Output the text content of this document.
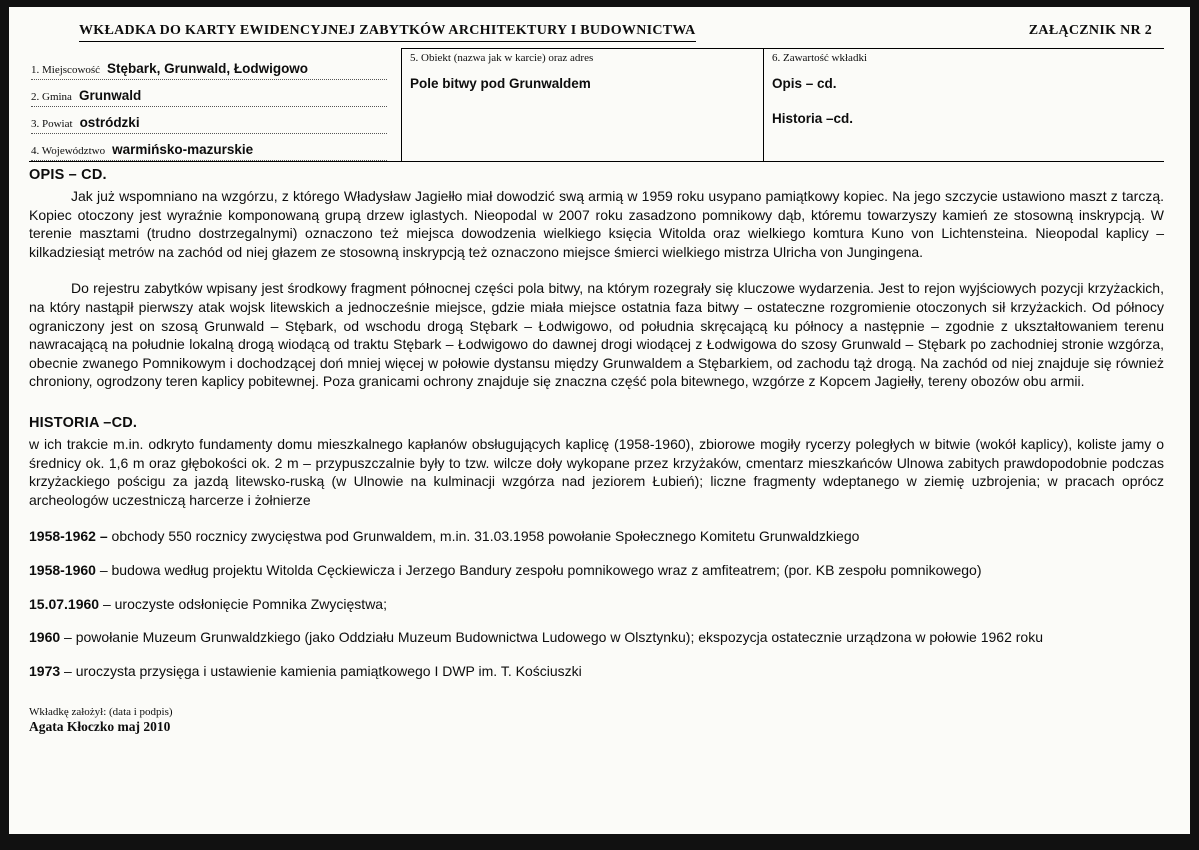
WKŁADKA DO KARTY EWIDENCYJNEJ ZABYTKÓW ARCHITEKTURY I BUDOWNICTWA	ZAŁĄCZNIK NR 2
1. Miejscowość Stębark, Grunwald, Łodwigowo
2. Gmina Grunwald
3. Powiat ostródzki
4. Województwo warmińsko-mazurskie
5. Obiekt (nazwa jak w karcie) oraz adres
Pole bitwy pod Grunwaldem
6. Zawartość wkładki
Opis – cd.
Historia –cd.
OPIS – CD.

Jak już wspomniano na wzgórzu, z którego Władysław Jagiełło miał dowodzić swą armią w 1959 roku usypano pamiątkowy kopiec. Na jego szczycie ustawiono maszt z tarczą. Kopiec otoczony jest wyraźnie komponowaną grupą drzew iglastych. Nieopodal w 2007 roku zasadzono pomnikowy dąb, któremu towarzyszy kamień ze stosowną inskrypcją. W terenie masztami (trudno dostrzegalnymi) oznaczono też miejsca dowodzenia wielkiego księcia Witolda oraz wielkiego komtura Kuno von Lichtensteina. Nieopodal kaplicy – kilkadziesiąt metrów na zachód od niej głazem ze stosowną inskrypcją też oznaczono miejsce śmierci wielkiego mistrza Ulricha von Jungingena.

Do rejestru zabytków wpisany jest środkowy fragment północnej części pola bitwy, na którym rozegrały się kluczowe wydarzenia. Jest to rejon wyjściowych pozycji krzyżackich, na który nastąpił pierwszy atak wojsk litewskich a jednocześnie miejsce, gdzie miała miejsce ostatnia faza bitwy – ostateczne rozgromienie otoczonych sił krzyżackich. Od północy ograniczony jest on szosą Grunwald – Stębark, od wschodu drogą Stębark – Łodwigowo, od południa skręcającą ku północy a następnie – zgodnie z ukształtowaniem terenu nawracającą na południe lokalną drogą wiodącą od traktu Stębark – Łodwigowo do dawnej drogi wiodącej z Łodwigowa do szosy Grunwald – Stębark po zachodniej stronie wzgórza, obecnie zwanego Pomnikowym i dochodzącej doń mniej więcej w połowie dystansu między Grunwaldem a Stębarkiem, od zachodu tąż drogą. Na zachód od niej znajduje się również chroniony, ogrodzony teren kaplicy pobitewnej. Poza granicami ochrony znajduje się znaczna część pola bitewnego, wzgórze z Kopcem Jagiełły, tereny obozów obu armii.

HISTORIA –CD.

w ich trakcie m.in. odkryto fundamenty domu mieszkalnego kapłanów obsługujących kaplicę (1958-1960), zbiorowe mogiły rycerzy poległych w bitwie (wokół kaplicy), koliste jamy o średnicy ok. 1,6 m oraz głębokości ok. 2 m – przypuszczalnie były to tzw. wilcze doły wykopane przez krzyżaków, cmentarz mieszkańców Ulnowa zabitych prawdopodobnie podczas krzyżackiego pościgu za jazdą litewsko-ruską (w Ulnowie na kulminacji wzgórza nad jeziorem Łubień); liczne fragmenty wdeptanego w ziemię uzbrojenia; w pracach oprócz archeologów uczestniczą harcerze i żołnierze

1958-1962 – obchody 550 rocznicy zwycięstwa pod Grunwaldem, m.in. 31.03.1958 powołanie Społecznego Komitetu Grunwaldzkiego

1958-1960 – budowa według projektu Witolda Cęckiewicza i Jerzego Bandury zespołu pomnikowego wraz z amfiteatrem; (por. KB zespołu pomnikowego)

15.07.1960 – uroczyste odsłonięcie Pomnika Zwycięstwa;

1960 – powołanie Muzeum Grunwaldzkiego (jako Oddziału Muzeum Budownictwa Ludowego w Olsztynku); ekspozycja ostatecznie urządzona w połowie 1962 roku

1973 – uroczysta przysięga i ustawienie kamienia pamiątkowego I DWP im. T. Kościuszki

Wkładkę założył: (data i podpis)
Agata Kłoczko maj 2010
